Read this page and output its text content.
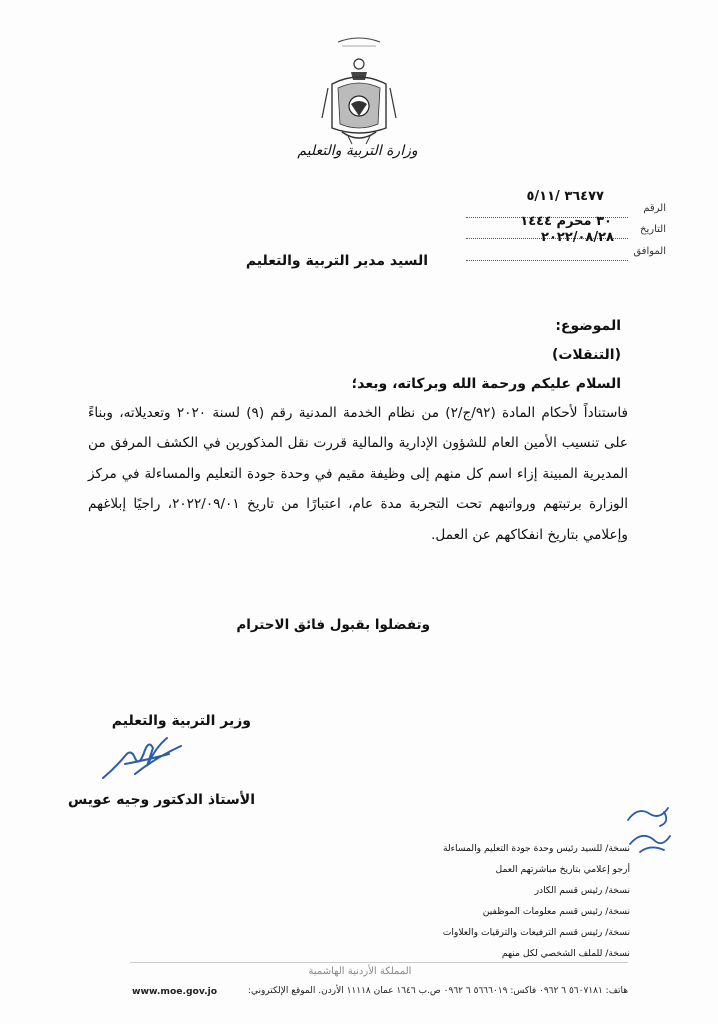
وزارة التربية والتعليم
الرقم
٣٦٤٧٧ /٥/١١
التاريخ
٣٠ محرم ١٤٤٤
الموافق
٢٠٢٢/٠٨/٢٨
السيد مدير التربية والتعليم
الموضوع:
(التنقلات)
السلام عليكم ورحمة الله وبركاته، وبعد؛
فاستناداً لأحكام المادة (٩٢/ج/٢) من نظام الخدمة المدنية رقم (٩) لسنة ٢٠٢٠ وتعديلاته، وبناءً على تنسيب الأمين العام للشؤون الإدارية والمالية قررت نقل المذكورين في الكشف المرفق من المديرية المبينة إزاء اسم كل منهم إلى وظيفة مقيم في وحدة جودة التعليم والمساءلة في مركز الوزارة برتبتهم ورواتبهم تحت التجربة مدة عام، اعتبارًا من تاريخ ٢٠٢٢/٠٩/٠١، راجيًا إبلاغهم وإعلامي بتاريخ انفكاكهم عن العمل.
وتفضلوا بقبول فائق الاحترام
وزير التربية والتعليم
الأستاذ الدكتور وجيه عويس
نسخة/ للسيد رئيس وحدة جودة التعليم والمساءلة
أرجو إعلامي بتاريخ مباشرتهم العمل
نسخة/ رئيس قسم الكادر
نسخة/ رئيس قسم معلومات الموظفين
نسخة/ رئيس قسم الترفيعات والترقيات والعلاوات
نسخة/ للملف الشخصي لكل منهم
المملكة الأردنية الهاشمية
هاتف: ٥٦٠٧١٨١ ٦ ٠٩٦٢ فاكس: ٥٦٦٦٠١٩ ٦ ٠٩٦٢ ص.ب ١٦٤٦ عمان ١١١١٨ الأردن. الموقع الإلكتروني:
www.moe.gov.jo
